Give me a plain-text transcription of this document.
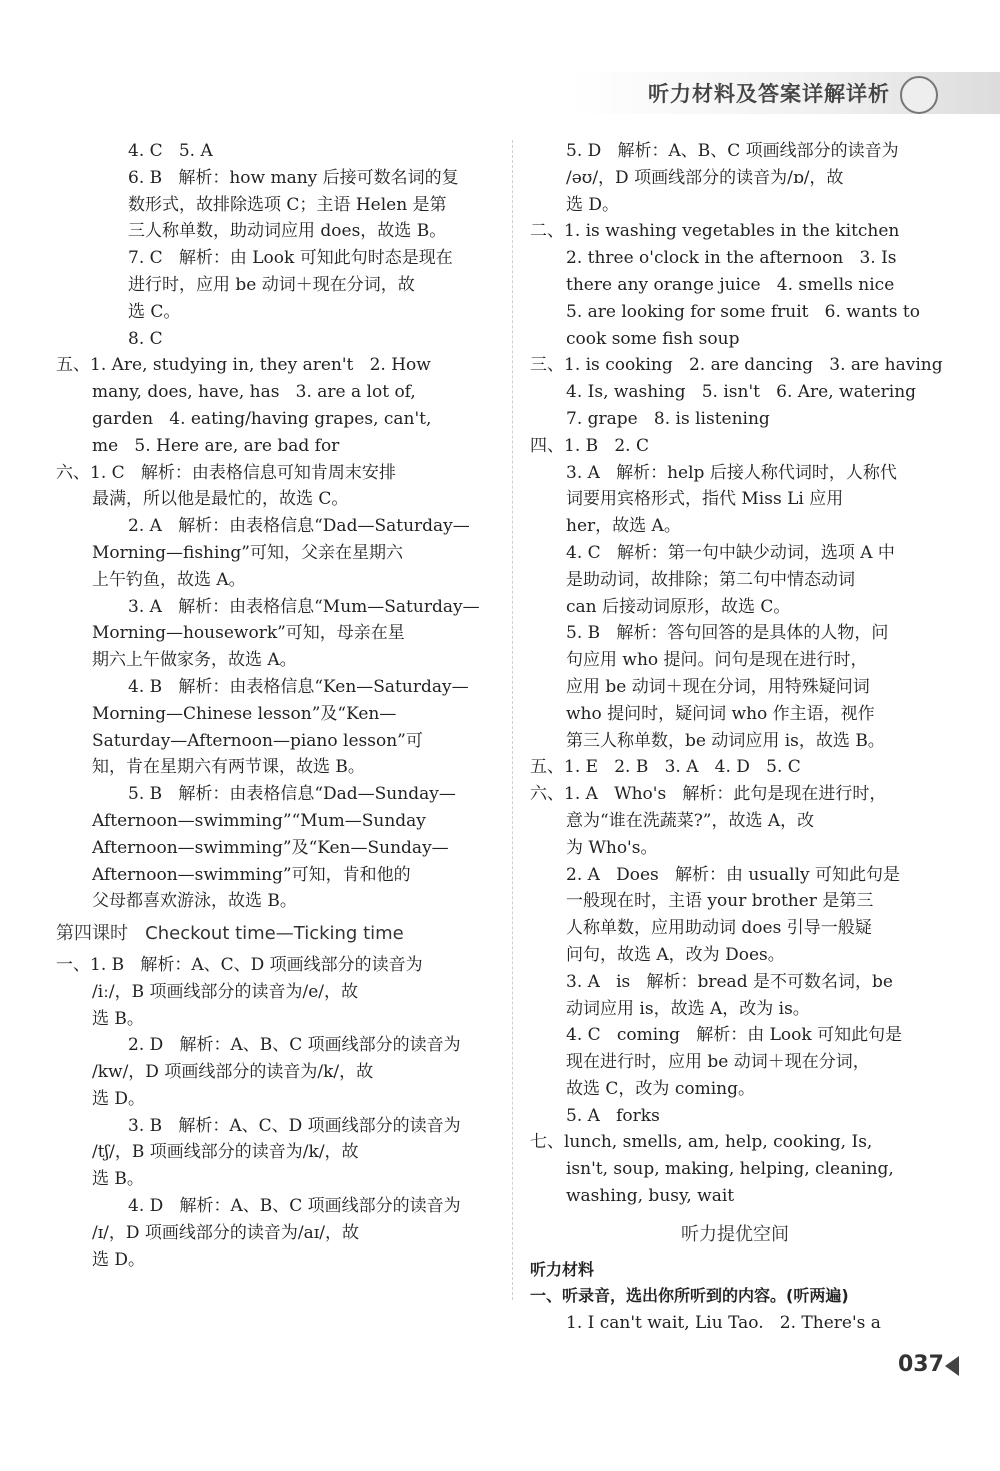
听力材料及答案详解详析
4. C   5. A
6. B   解析：how many 后接可数名词的复
数形式，故排除选项 C；主语 Helen 是第
三人称单数，助动词应用 does，故选 B。
7. C   解析：由 Look 可知此句时态是现在
进行时，应用 be 动词＋现在分词，故
选 C。
8. C
五、1. Are, studying in, they aren't   2. How
many, does, have, has   3. are a lot of,
garden   4. eating/having grapes, can't,
me   5. Here are, are bad for
六、1. C   解析：由表格信息可知肯周末安排
最满，所以他是最忙的，故选 C。
2. A   解析：由表格信息“Dad—Saturday—
Morning—fishing”可知，父亲在星期六
上午钓鱼，故选 A。
3. A   解析：由表格信息“Mum—Saturday—
Morning—housework”可知，母亲在星
期六上午做家务，故选 A。
4. B   解析：由表格信息“Ken—Saturday—
Morning—Chinese lesson”及“Ken—
Saturday—Afternoon—piano lesson”可
知，肯在星期六有两节课，故选 B。
5. B   解析：由表格信息“Dad—Sunday—
Afternoon—swimming”“Mum—Sunday
Afternoon—swimming”及“Ken—Sunday—
Afternoon—swimming”可知，肯和他的
父母都喜欢游泳，故选 B。
第四课时   Checkout time—Ticking time
一、1. B   解析：A、C、D 项画线部分的读音为
/iː/，B 项画线部分的读音为/e/，故
选 B。
2. D   解析：A、B、C 项画线部分的读音为
/kw/，D 项画线部分的读音为/k/，故
选 D。
3. B   解析：A、C、D 项画线部分的读音为
/tʃ/，B 项画线部分的读音为/k/，故
选 B。
4. D   解析：A、B、C 项画线部分的读音为
/ɪ/，D 项画线部分的读音为/aɪ/，故
选 D。
5. D   解析：A、B、C 项画线部分的读音为
/əʊ/，D 项画线部分的读音为/ɒ/，故
选 D。
二、1. is washing vegetables in the kitchen
2. three o'clock in the afternoon   3. Is
there any orange juice   4. smells nice
5. are looking for some fruit   6. wants to
cook some fish soup
三、1. is cooking   2. are dancing   3. are having
4. Is, washing   5. isn't   6. Are, watering
7. grape   8. is listening
四、1. B   2. C
3. A   解析：help 后接人称代词时，人称代
词要用宾格形式，指代 Miss Li 应用
her，故选 A。
4. C   解析：第一句中缺少动词，选项 A 中
是助动词，故排除；第二句中情态动词
can 后接动词原形，故选 C。
5. B   解析：答句回答的是具体的人物，问
句应用 who 提问。问句是现在进行时，
应用 be 动词＋现在分词，用特殊疑问词
who 提问时，疑问词 who 作主语，视作
第三人称单数，be 动词应用 is，故选 B。
五、1. E   2. B   3. A   4. D   5. C
六、1. A   Who's   解析：此句是现在进行时，
意为“谁在洗蔬菜?”，故选 A，改
为 Who's。
2. A   Does   解析：由 usually 可知此句是
一般现在时，主语 your brother 是第三
人称单数，应用助动词 does 引导一般疑
问句，故选 A，改为 Does。
3. A   is   解析：bread 是不可数名词，be
动词应用 is，故选 A，改为 is。
4. C   coming   解析：由 Look 可知此句是
现在进行时，应用 be 动词＋现在分词，
故选 C，改为 coming。
5. A   forks
七、lunch, smells, am, help, cooking, Is,
isn't, soup, making, helping, cleaning,
washing, busy, wait
听力提优空间
听力材料
一、听录音，选出你所听到的内容。(听两遍)
1. I can't wait, Liu Tao.   2. There's a
037
